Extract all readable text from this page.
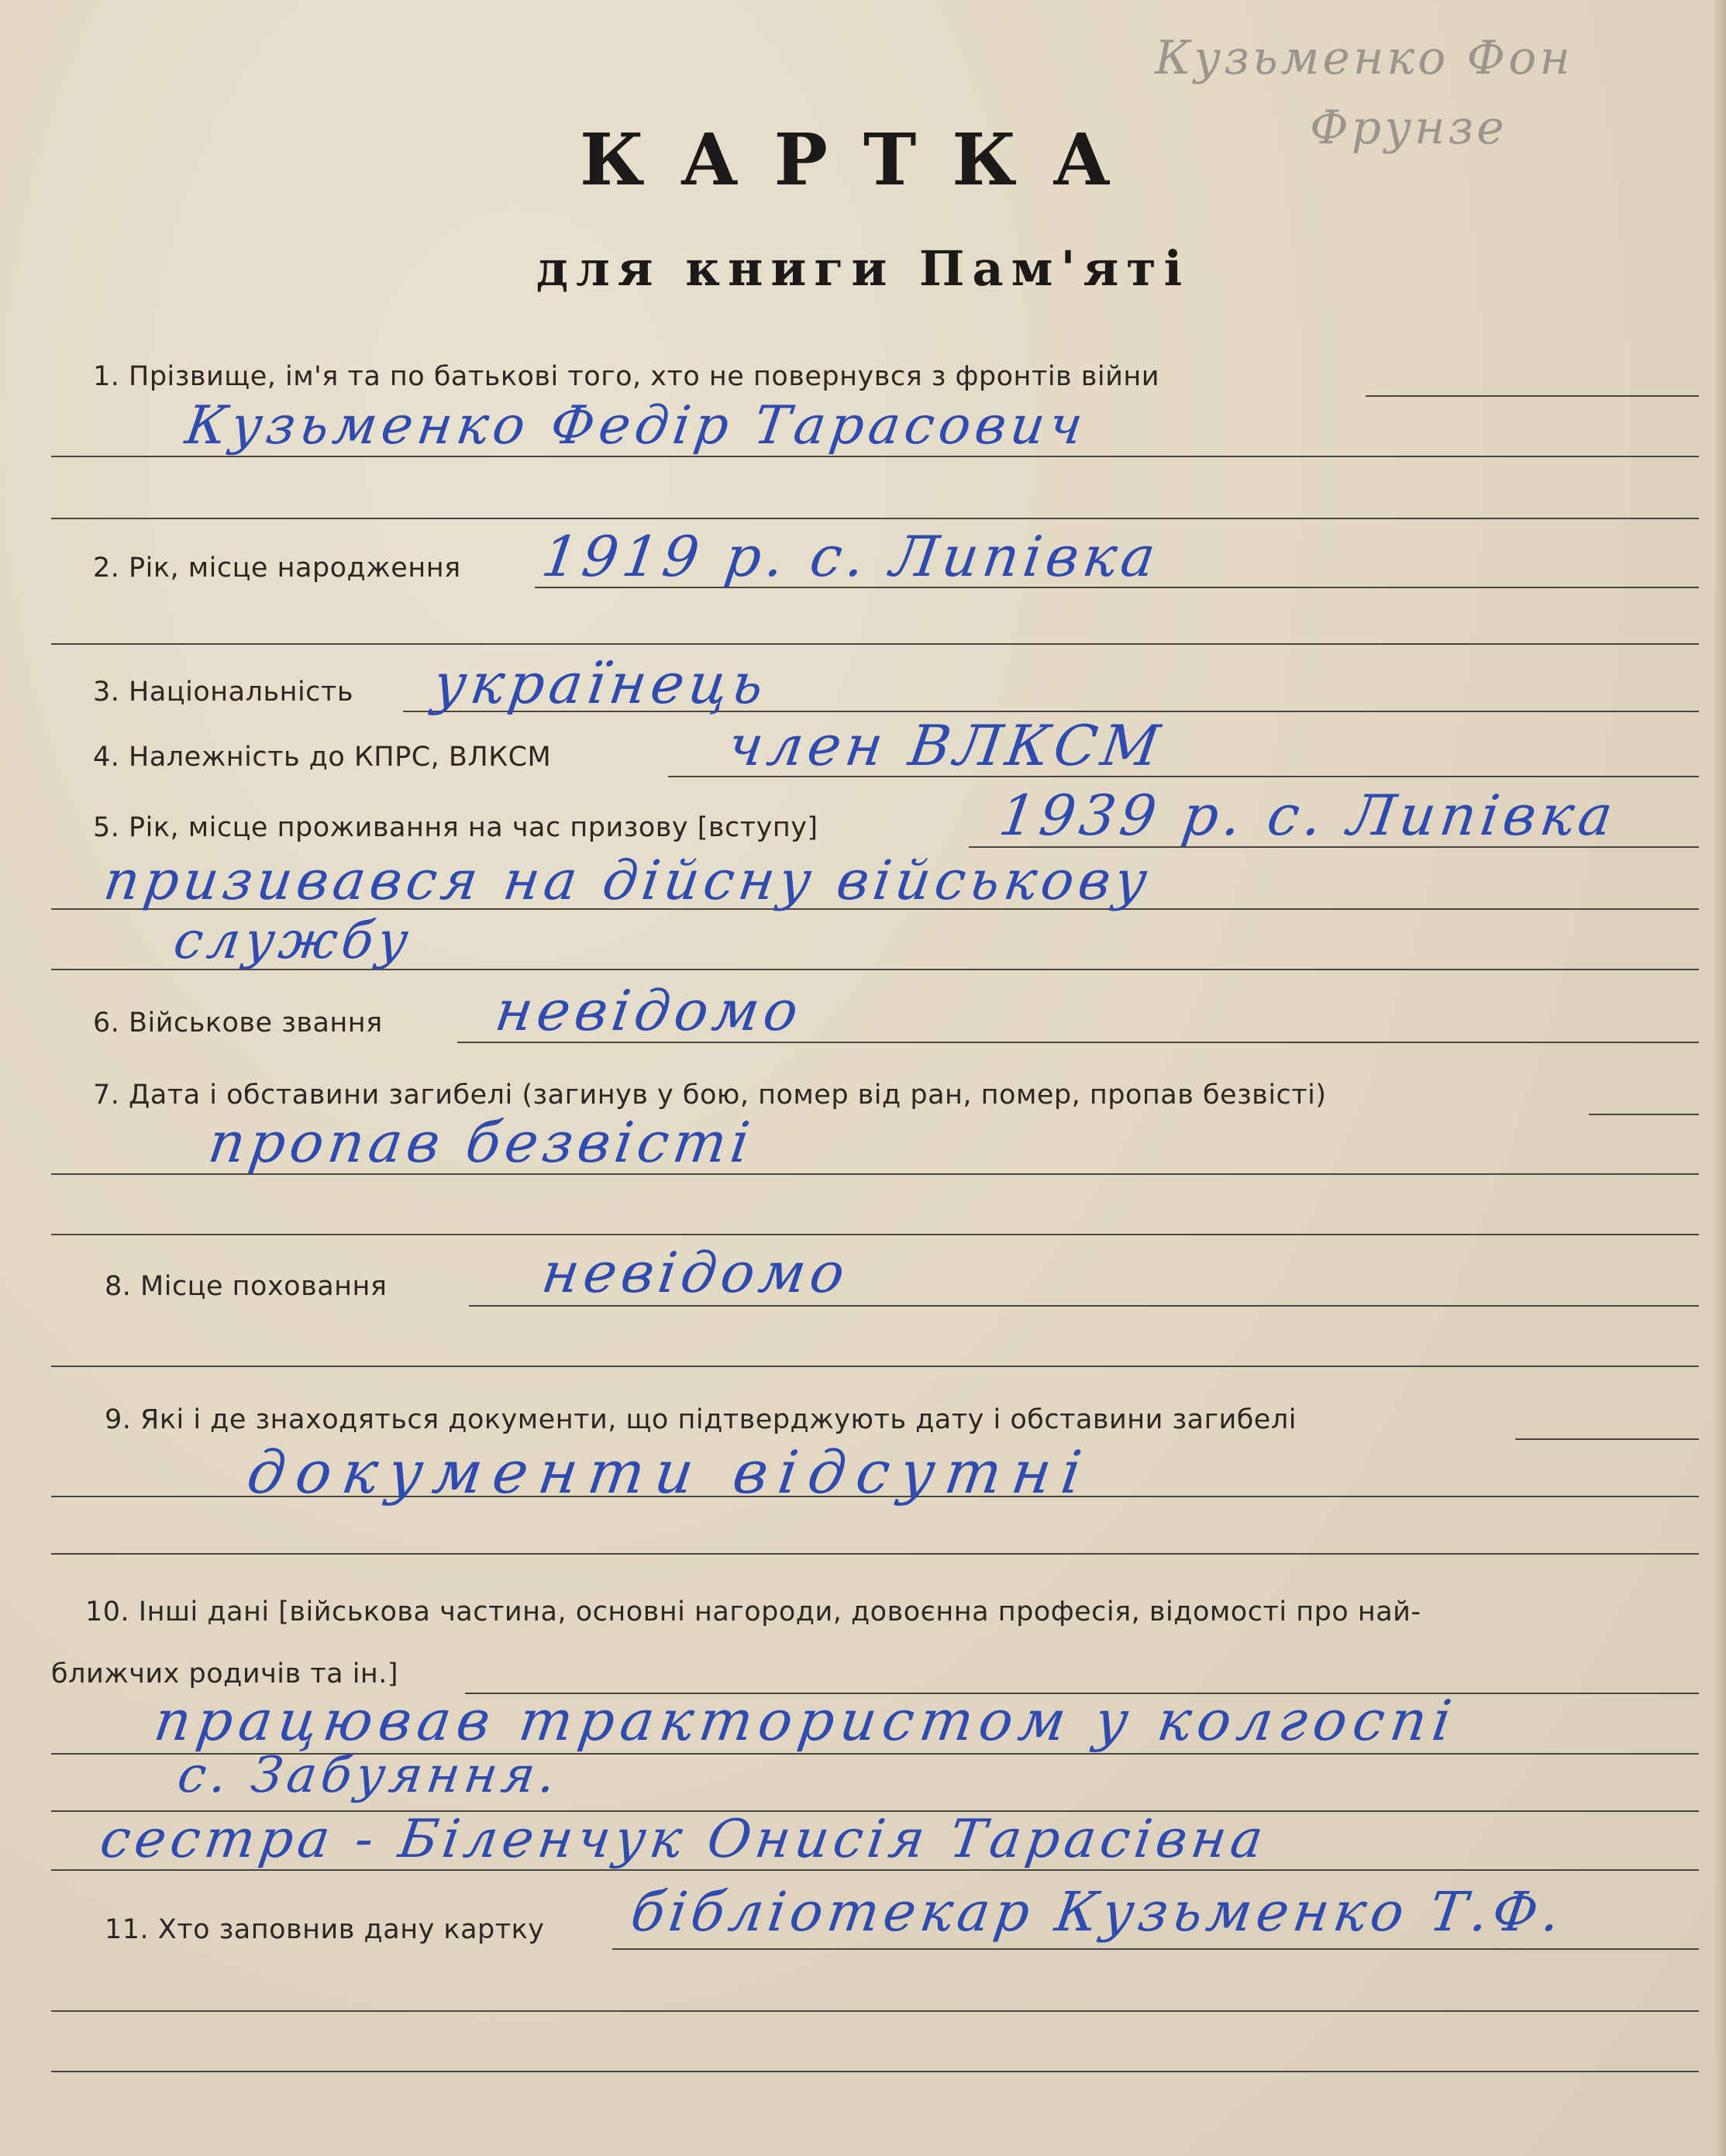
Кузьменко Фон
Фрунзе
КАРТКА
для книги Пам'яті
1. Прізвище, ім'я та по батькові того, хто не повернувся з фронтів війни
Кузьменко Федір Тарасович
2. Рік, місце народження 1919 р. с. Липівка
3. Національність українець
4. Належність до КПРС, ВЛКСМ	член ВЛКСМ
5. Рік, місце проживання на час призову [вступу]	1939 р. с. Липівка
призивався на дійсну військову
службу
6. Військове звання невідомо
7. Дата і обставини загибелі (загинув у бою, помер від ран, помер, пропав безвісті)
пропав безвісті
8. Місце поховання	невідомо
9. Які і де знаходяться документи, що підтверджують дату і обставини загибелі
документи відсутні
10. Інші дані [військова частина, основні нагороди, довоєнна професія, відомості про най-
ближчих родичів та ін.]
працював трактористом у колгоспі
с. Забуяння.
сестра - Біленчук Онисія Тарасівна
11. Хто заповнив дану картку бібліотекар Кузьменко Т.Ф.
